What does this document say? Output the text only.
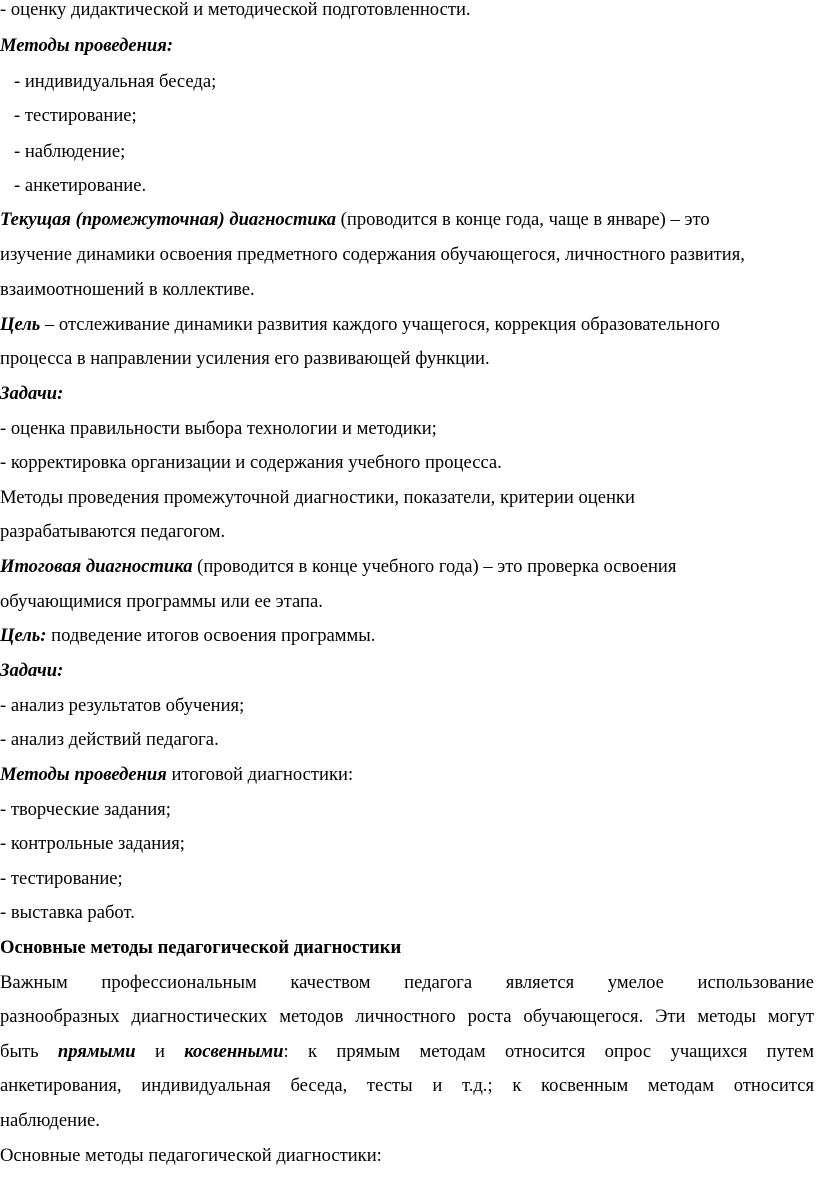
- оценку дидактической и методической подготовленности.
Методы проведения:
- индивидуальная беседа;
- тестирование;
- наблюдение;
- анкетирование.
Текущая (промежуточная) диагностика (проводится в конце года, чаще в январе) – это
изучение динамики освоения предметного содержания обучающегося, личностного развития,
взаимоотношений в коллективе.
Цель – отслеживание динамики развития каждого учащегося, коррекция образовательного
процесса в направлении усиления его развивающей функции.
Задачи:
- оценка правильности выбора технологии и методики;
- корректировка организации и содержания учебного процесса.
Методы проведения промежуточной диагностики, показатели, критерии оценки
разрабатываются педагогом.
Итоговая диагностика (проводится в конце учебного года) – это проверка освоения
обучающимися программы или ее этапа.
Цель: подведение итогов освоения программы.
Задачи:
- анализ результатов обучения;
- анализ действий педагога.
Методы проведения итоговой диагностики:
- творческие задания;
- контрольные задания;
- тестирование;
- выставка работ.
Основные методы педагогической диагностики
Важным профессиональным качеством педагога является умелое использование
разнообразных диагностических методов личностного роста обучающегося. Эти методы могут
быть прямыми и косвенными: к прямым методам относится опрос учащихся путем
анкетирования, индивидуальная беседа, тесты и т.д.; к косвенным методам относится
наблюдение.
Основные методы педагогической диагностики:
